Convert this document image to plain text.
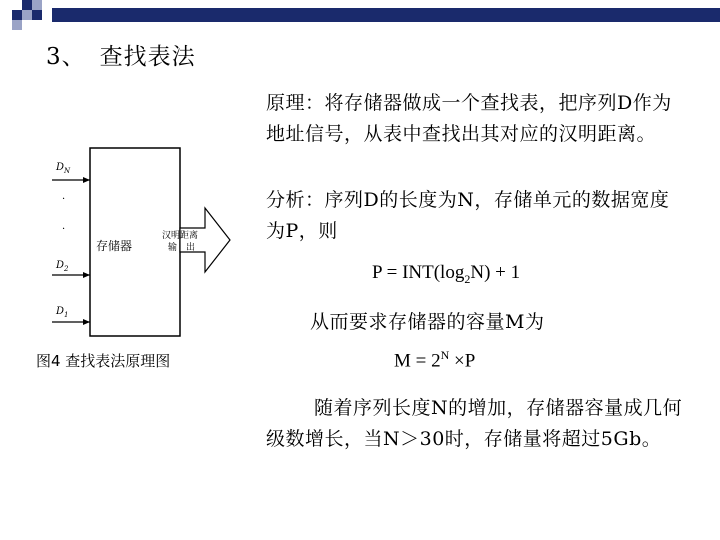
3、 查找表法
原理：将存储器做成一个查找表，把序列D作为地址信号，从表中查找出其对应的汉明距离。
分析：序列D的长度为N，存储单元的数据宽度为P，则
$P = INT(\log_2N) + 1$
从而要求存储器的容量M为
$M = 2^N \times P$
随着序列长度N的增加，存储器容量成几何级数增长，当N＞30时，存储量将超过5Gb。
存储器
$D_N$
·
·
$D_2$
$D_1$
汉明距离
输　出
图4 查找表法原理图
